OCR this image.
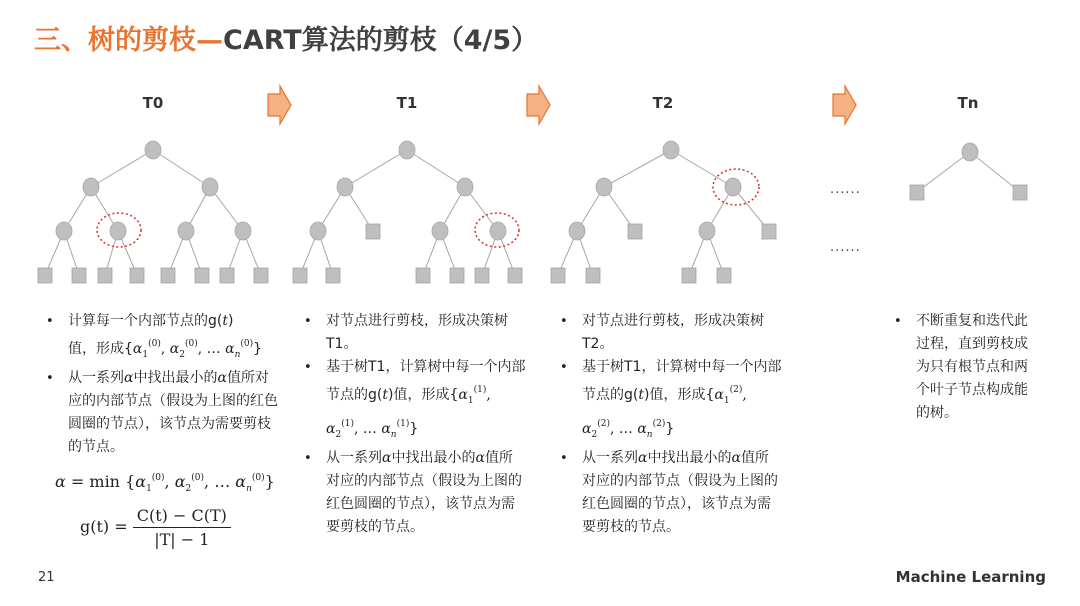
三、树的剪枝—CART算法的剪枝（4/5）
T0	T1	T2	Tn
......
......
• 计算每一个内部节点的g(t)
值，形成{$\alpha_1^{(0)}$, $\alpha_2^{(0)}$, … $\alpha_n^{(0)}$}
• 从一系列α中找出最小的α值所对应的内部节点（假设为上图的红色圆圈的节点），该节点为需要剪枝的节点。
$\alpha = \min \{\alpha_1^{(0)}$, $\alpha_2^{(0)}$, … $\alpha_n^{(0)}$}
$g(t) = \frac{C(t) - C(T)}{|T| - 1}$
• 对节点进行剪枝，形成决策树T1。
• 基于树T1，计算树中每一个内部节点的g(t)值，形成{$\alpha_1^{(1)}$, $\alpha_2^{(1)}$, … $\alpha_n^{(1)}$}
• 从一系列α中找出最小的α值所对应的内部节点（假设为上图的红色圆圈的节点），该节点为需要剪枝的节点。
• 对节点进行剪枝，形成决策树T2。
• 基于树T1，计算树中每一个内部节点的g(t)值，形成{$\alpha_1^{(2)}$, $\alpha_2^{(2)}$, … $\alpha_n^{(2)}$}
• 从一系列α中找出最小的α值所对应的内部节点（假设为上图的红色圆圈的节点），该节点为需要剪枝的节点。
• 不断重复和迭代此过程，直到剪枝成为只有根节点和两个叶子节点构成能的树。
21	Machine Learning
